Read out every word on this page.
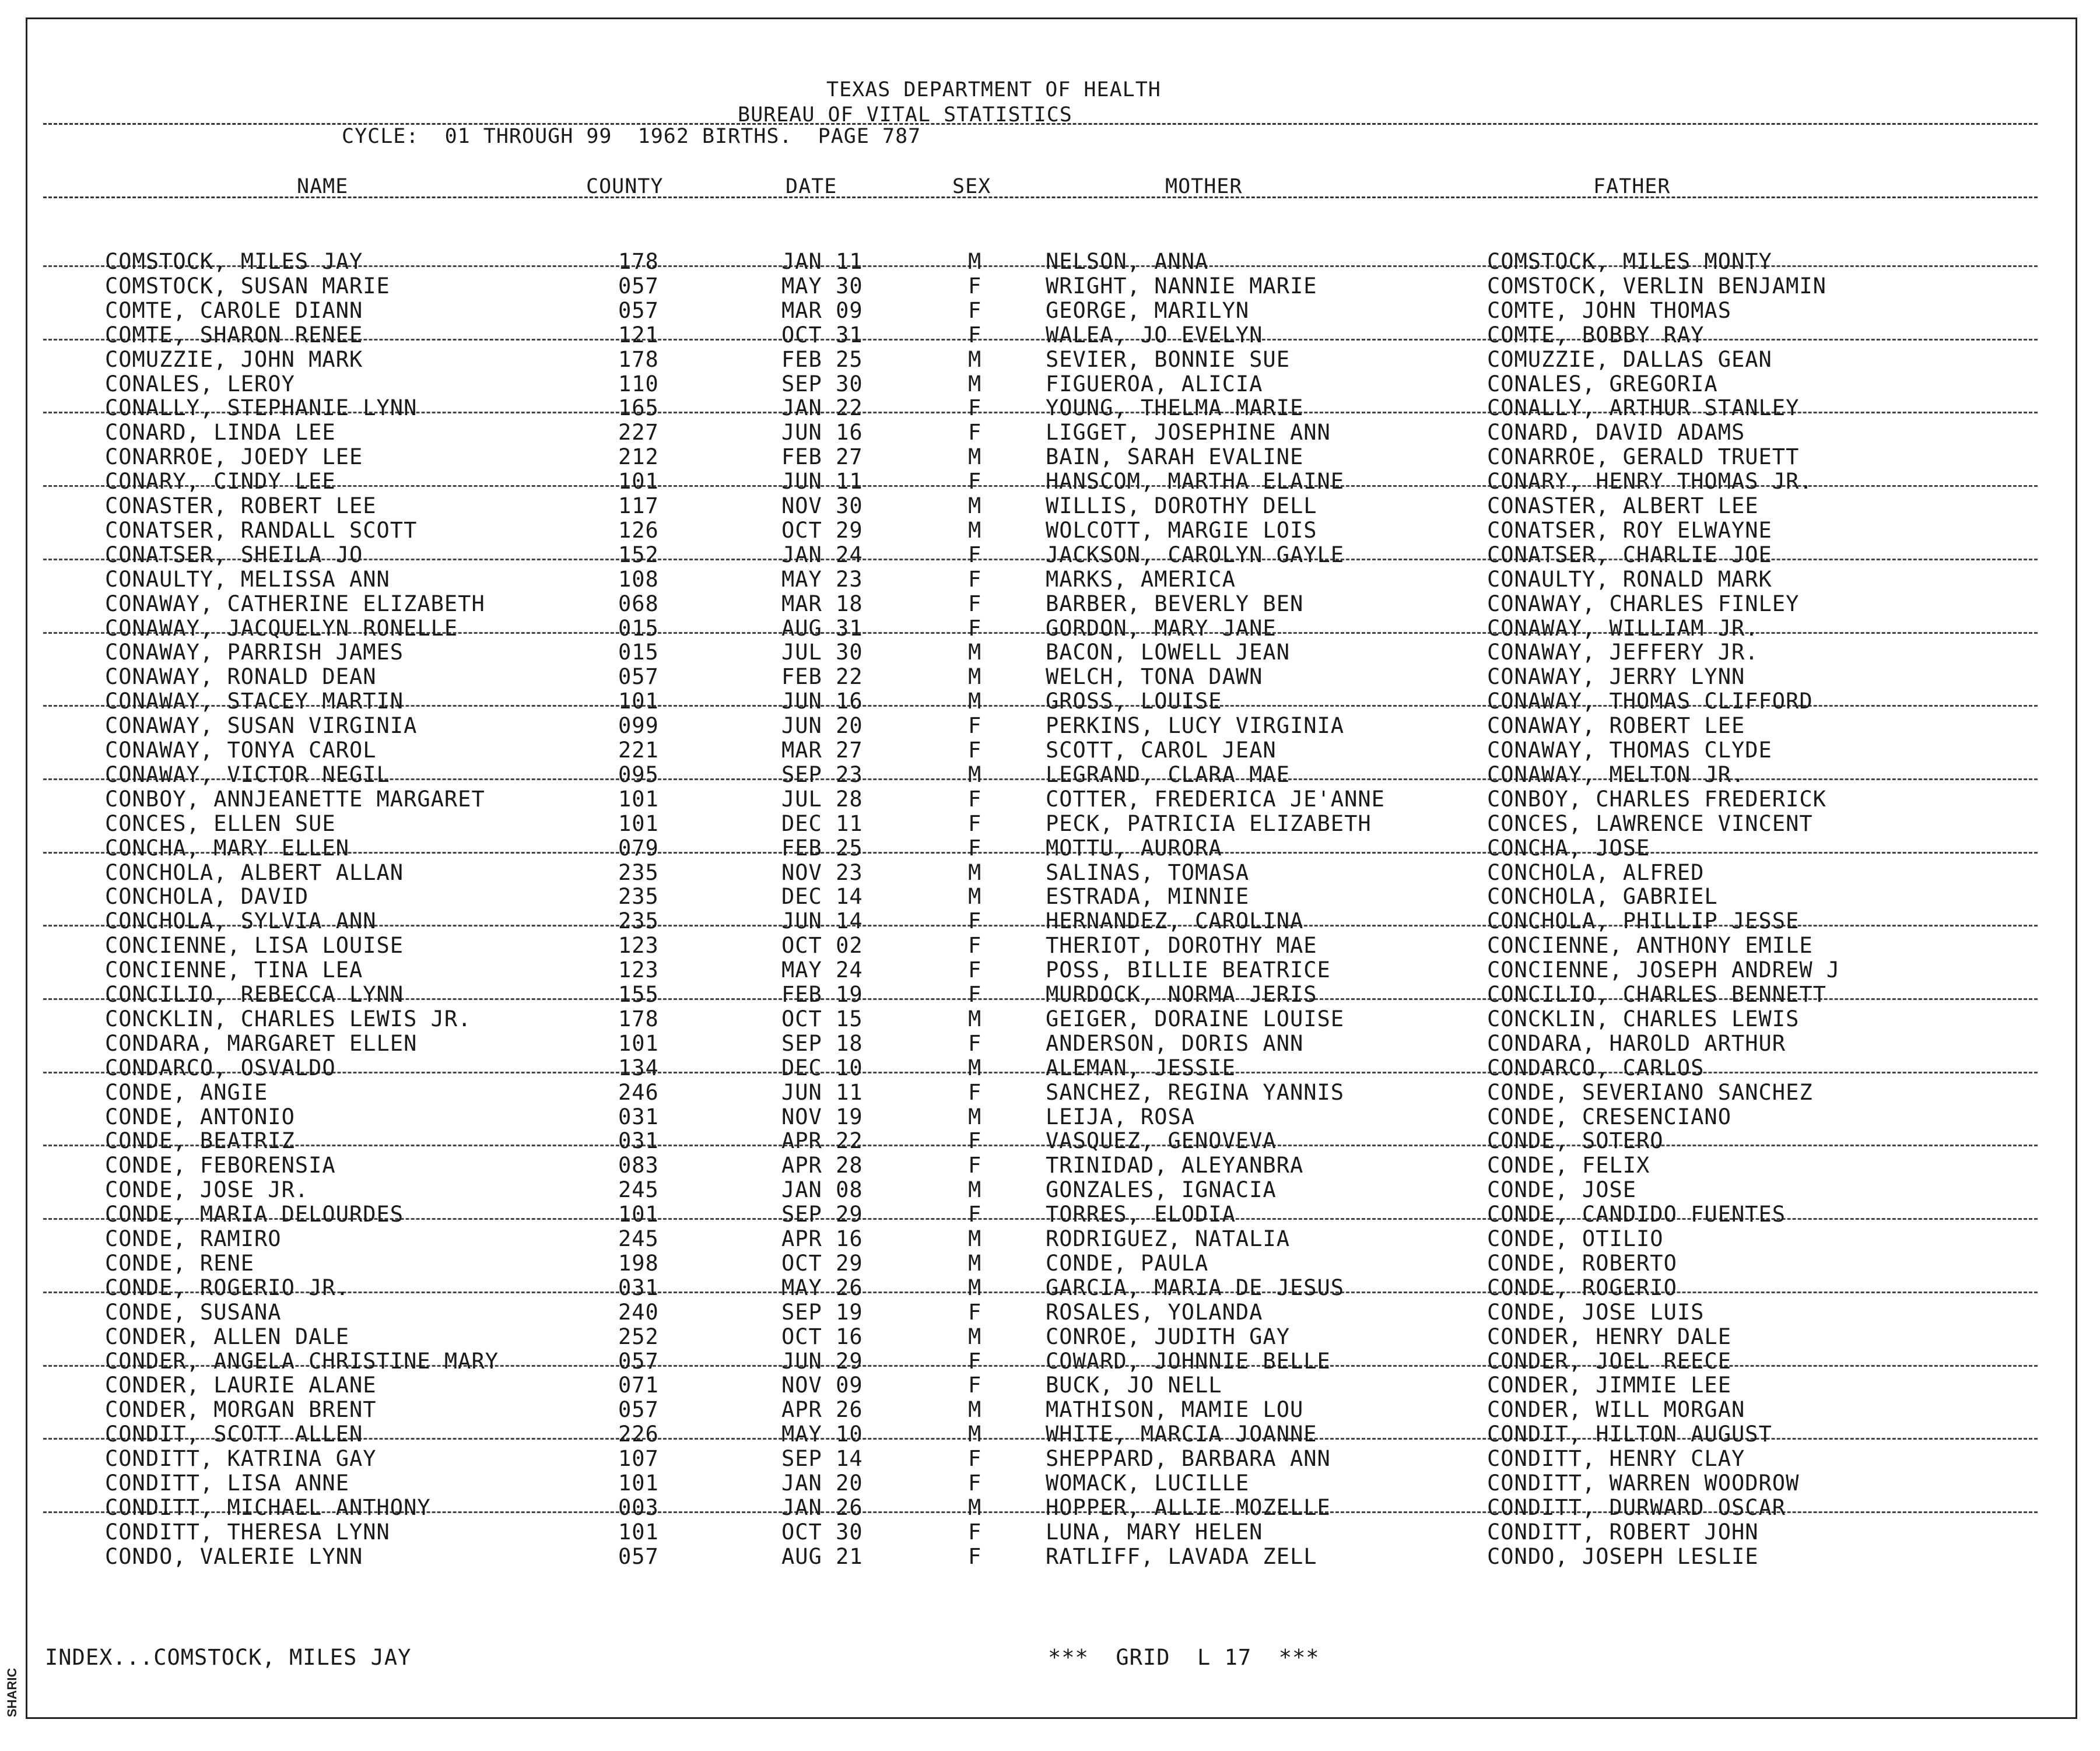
SHARIC
TEXAS DEPARTMENT OF HEALTH
BUREAU OF VITAL STATISTICS
CYCLE:  01 THROUGH 99  1962 BIRTHS.  PAGE 787
NAME	COUNTY	DATE	SEX	MOTHER	FATHER
COMSTOCK, MILES JAY	178	JAN 11	M	NELSON, ANNA	COMSTOCK, MILES MONTY
COMSTOCK, SUSAN MARIE	057	MAY 30	F	WRIGHT, NANNIE MARIE	COMSTOCK, VERLIN BENJAMIN
COMTE, CAROLE DIANN	057	MAR 09	F	GEORGE, MARILYN	COMTE, JOHN THOMAS
COMTE, SHARON RENEE	121	OCT 31	F	WALEA, JO EVELYN	COMTE, BOBBY RAY
COMUZZIE, JOHN MARK	178	FEB 25	M	SEVIER, BONNIE SUE	COMUZZIE, DALLAS GEAN
CONALES, LEROY	110	SEP 30	M	FIGUEROA, ALICIA	CONALES, GREGORIA
CONALLY, STEPHANIE LYNN	165	JAN 22	F	YOUNG, THELMA MARIE	CONALLY, ARTHUR STANLEY
CONARD, LINDA LEE	227	JUN 16	F	LIGGET, JOSEPHINE ANN	CONARD, DAVID ADAMS
CONARROE, JOEDY LEE	212	FEB 27	M	BAIN, SARAH EVALINE	CONARROE, GERALD TRUETT
CONARY, CINDY LEE	101	JUN 11	F	HANSCOM, MARTHA ELAINE	CONARY, HENRY THOMAS JR.
CONASTER, ROBERT LEE	117	NOV 30	M	WILLIS, DOROTHY DELL	CONASTER, ALBERT LEE
CONATSER, RANDALL SCOTT	126	OCT 29	M	WOLCOTT, MARGIE LOIS	CONATSER, ROY ELWAYNE
CONATSER, SHEILA JO	152	JAN 24	F	JACKSON, CAROLYN GAYLE	CONATSER, CHARLIE JOE
CONAULTY, MELISSA ANN	108	MAY 23	F	MARKS, AMERICA	CONAULTY, RONALD MARK
CONAWAY, CATHERINE ELIZABETH	068	MAR 18	F	BARBER, BEVERLY BEN	CONAWAY, CHARLES FINLEY
CONAWAY, JACQUELYN RONELLE	015	AUG 31	F	GORDON, MARY JANE	CONAWAY, WILLIAM JR.
CONAWAY, PARRISH JAMES	015	JUL 30	M	BACON, LOWELL JEAN	CONAWAY, JEFFERY JR.
CONAWAY, RONALD DEAN	057	FEB 22	M	WELCH, TONA DAWN	CONAWAY, JERRY LYNN
CONAWAY, STACEY MARTIN	101	JUN 16	M	GROSS, LOUISE	CONAWAY, THOMAS CLIFFORD
CONAWAY, SUSAN VIRGINIA	099	JUN 20	F	PERKINS, LUCY VIRGINIA	CONAWAY, ROBERT LEE
CONAWAY, TONYA CAROL	221	MAR 27	F	SCOTT, CAROL JEAN	CONAWAY, THOMAS CLYDE
CONAWAY, VICTOR NEGIL	095	SEP 23	M	LEGRAND, CLARA MAE	CONAWAY, MELTON JR.
CONBOY, ANNJEANETTE MARGARET	101	JUL 28	F	COTTER, FREDERICA JE'ANNE	CONBOY, CHARLES FREDERICK
CONCES, ELLEN SUE	101	DEC 11	F	PECK, PATRICIA ELIZABETH	CONCES, LAWRENCE VINCENT
CONCHA, MARY ELLEN	079	FEB 25	F	MOTTU, AURORA	CONCHA, JOSE
CONCHOLA, ALBERT ALLAN	235	NOV 23	M	SALINAS, TOMASA	CONCHOLA, ALFRED
CONCHOLA, DAVID	235	DEC 14	M	ESTRADA, MINNIE	CONCHOLA, GABRIEL
CONCHOLA, SYLVIA ANN	235	JUN 14	F	HERNANDEZ, CAROLINA	CONCHOLA, PHILLIP JESSE
CONCIENNE, LISA LOUISE	123	OCT 02	F	THERIOT, DOROTHY MAE	CONCIENNE, ANTHONY EMILE
CONCIENNE, TINA LEA	123	MAY 24	F	POSS, BILLIE BEATRICE	CONCIENNE, JOSEPH ANDREW J
CONCILIO, REBECCA LYNN	155	FEB 19	F	MURDOCK, NORMA JERIS	CONCILIO, CHARLES BENNETT
CONCKLIN, CHARLES LEWIS JR.	178	OCT 15	M	GEIGER, DORAINE LOUISE	CONCKLIN, CHARLES LEWIS
CONDARA, MARGARET ELLEN	101	SEP 18	F	ANDERSON, DORIS ANN	CONDARA, HAROLD ARTHUR
CONDARCO, OSVALDO	134	DEC 10	M	ALEMAN, JESSIE	CONDARCO, CARLOS
CONDE, ANGIE	246	JUN 11	F	SANCHEZ, REGINA YANNIS	CONDE, SEVERIANO SANCHEZ
CONDE, ANTONIO	031	NOV 19	M	LEIJA, ROSA	CONDE, CRESENCIANO
CONDE, BEATRIZ	031	APR 22	F	VASQUEZ, GENOVEVA	CONDE, SOTERO
CONDE, FEBORENSIA	083	APR 28	F	TRINIDAD, ALEYANBRA	CONDE, FELIX
CONDE, JOSE JR.	245	JAN 08	M	GONZALES, IGNACIA	CONDE, JOSE
CONDE, MARIA DELOURDES	101	SEP 29	F	TORRES, ELODIA	CONDE, CANDIDO FUENTES
CONDE, RAMIRO	245	APR 16	M	RODRIGUEZ, NATALIA	CONDE, OTILIO
CONDE, RENE	198	OCT 29	M	CONDE, PAULA	CONDE, ROBERTO
CONDE, ROGERIO JR.	031	MAY 26	M	GARCIA, MARIA DE JESUS	CONDE, ROGERIO
CONDE, SUSANA	240	SEP 19	F	ROSALES, YOLANDA	CONDE, JOSE LUIS
CONDER, ALLEN DALE	252	OCT 16	M	CONROE, JUDITH GAY	CONDER, HENRY DALE
CONDER, ANGELA CHRISTINE MARY	057	JUN 29	F	COWARD, JOHNNIE BELLE	CONDER, JOEL REECE
CONDER, LAURIE ALANE	071	NOV 09	F	BUCK, JO NELL	CONDER, JIMMIE LEE
CONDER, MORGAN BRENT	057	APR 26	M	MATHISON, MAMIE LOU	CONDER, WILL MORGAN
CONDIT, SCOTT ALLEN	226	MAY 10	M	WHITE, MARCIA JOANNE	CONDIT, HILTON AUGUST
CONDITT, KATRINA GAY	107	SEP 14	F	SHEPPARD, BARBARA ANN	CONDITT, HENRY CLAY
CONDITT, LISA ANNE	101	JAN 20	F	WOMACK, LUCILLE	CONDITT, WARREN WOODROW
CONDITT, MICHAEL ANTHONY	003	JAN 26	M	HOPPER, ALLIE MOZELLE	CONDITT, DURWARD OSCAR
CONDITT, THERESA LYNN	101	OCT 30	F	LUNA, MARY HELEN	CONDITT, ROBERT JOHN
CONDO, VALERIE LYNN	057	AUG 21	F	RATLIFF, LAVADA ZELL	CONDO, JOSEPH LESLIE
INDEX...COMSTOCK, MILES JAY	***  GRID  L 17  ***
